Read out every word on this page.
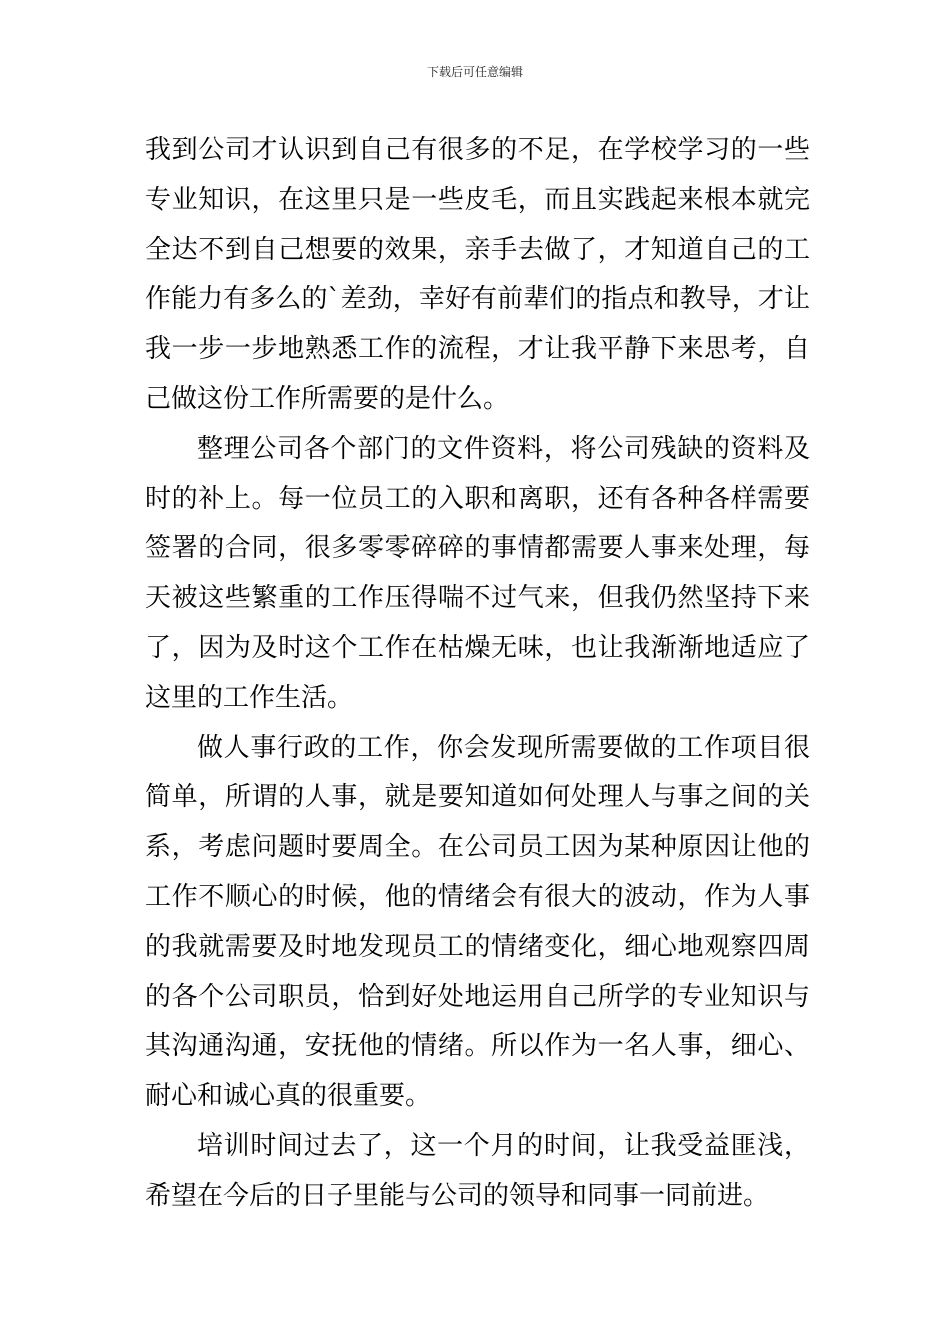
下载后可任意编辑

我到公司才认识到自己有很多的不足，在学校学习的一些专业知识，在这里只是一些皮毛，而且实践起来根本就完全达不到自己想要的效果，亲手去做了，才知道自己的工作能力有多么的`差劲，幸好有前辈们的指点和教导，才让我一步一步地熟悉工作的流程，才让我平静下来思考，自己做这份工作所需要的是什么。

整理公司各个部门的文件资料，将公司残缺的资料及时的补上。每一位员工的入职和离职，还有各种各样需要签署的合同，很多零零碎碎的事情都需要人事来处理，每天被这些繁重的工作压得喘不过气来，但我仍然坚持下来了，因为及时这个工作在枯燥无味，也让我渐渐地适应了这里的工作生活。

做人事行政的工作，你会发现所需要做的工作项目很简单，所谓的人事，就是要知道如何处理人与事之间的关系，考虑问题时要周全。在公司员工因为某种原因让他的工作不顺心的时候，他的情绪会有很大的波动，作为人事的我就需要及时地发现员工的情绪变化，细心地观察四周的各个公司职员，恰到好处地运用自己所学的专业知识与其沟通沟通，安抚他的情绪。所以作为一名人事，细心、耐心和诚心真的很重要。

培训时间过去了，这一个月的时间，让我受益匪浅，希望在今后的日子里能与公司的领导和同事一同前进。
